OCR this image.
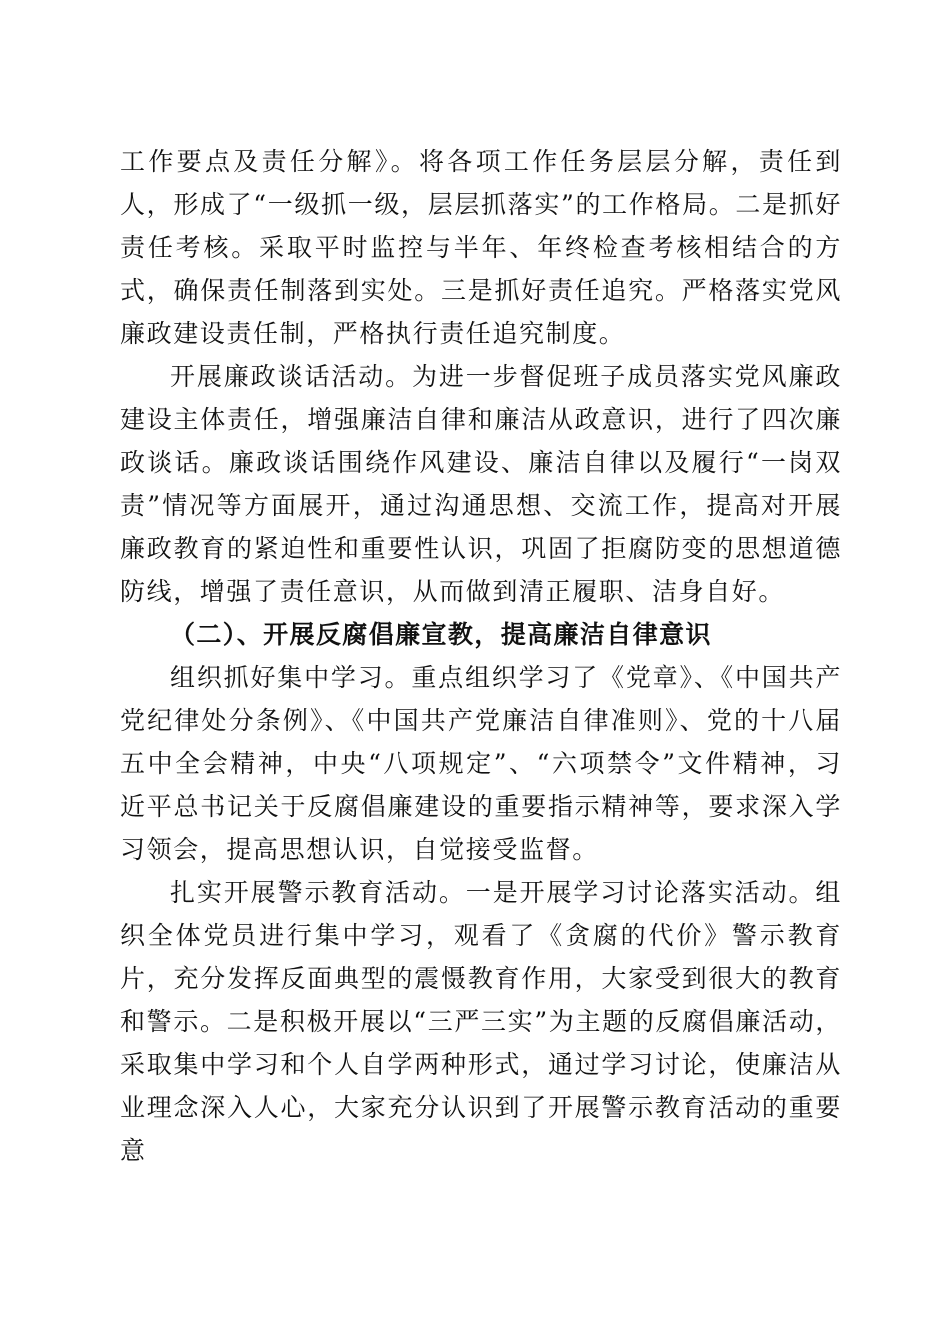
工作要点及责任分解》。将各项工作任务层层分解，责任到人，形成了“一级抓一级，层层抓落实”的工作格局。二是抓好责任考核。采取平时监控与半年、年终检查考核相结合的方式，确保责任制落到实处。三是抓好责任追究。严格落实党风廉政建设责任制，严格执行责任追究制度。

开展廉政谈话活动。为进一步督促班子成员落实党风廉政建设主体责任，增强廉洁自律和廉洁从政意识，进行了四次廉政谈话。廉政谈话围绕作风建设、廉洁自律以及履行“一岗双责”情况等方面展开，通过沟通思想、交流工作，提高对开展廉政教育的紧迫性和重要性认识，巩固了拒腐防变的思想道德防线，增强了责任意识，从而做到清正履职、洁身自好。

（二）、开展反腐倡廉宣教，提高廉洁自律意识

组织抓好集中学习。重点组织学习了《党章》、《中国共产党纪律处分条例》、《中国共产党廉洁自律准则》、党的十八届五中全会精神，中央“八项规定”、“六项禁令”文件精神，习近平总书记关于反腐倡廉建设的重要指示精神等，要求深入学习领会，提高思想认识，自觉接受监督。

扎实开展警示教育活动。一是开展学习讨论落实活动。组织全体党员进行集中学习，观看了《贪腐的代价》警示教育片，充分发挥反面典型的震慑教育作用，大家受到很大的教育和警示。二是积极开展以“三严三实”为主题的反腐倡廉活动，采取集中学习和个人自学两种形式，通过学习讨论，使廉洁从业理念深入人心，大家充分认识到了开展警示教育活动的重要意
